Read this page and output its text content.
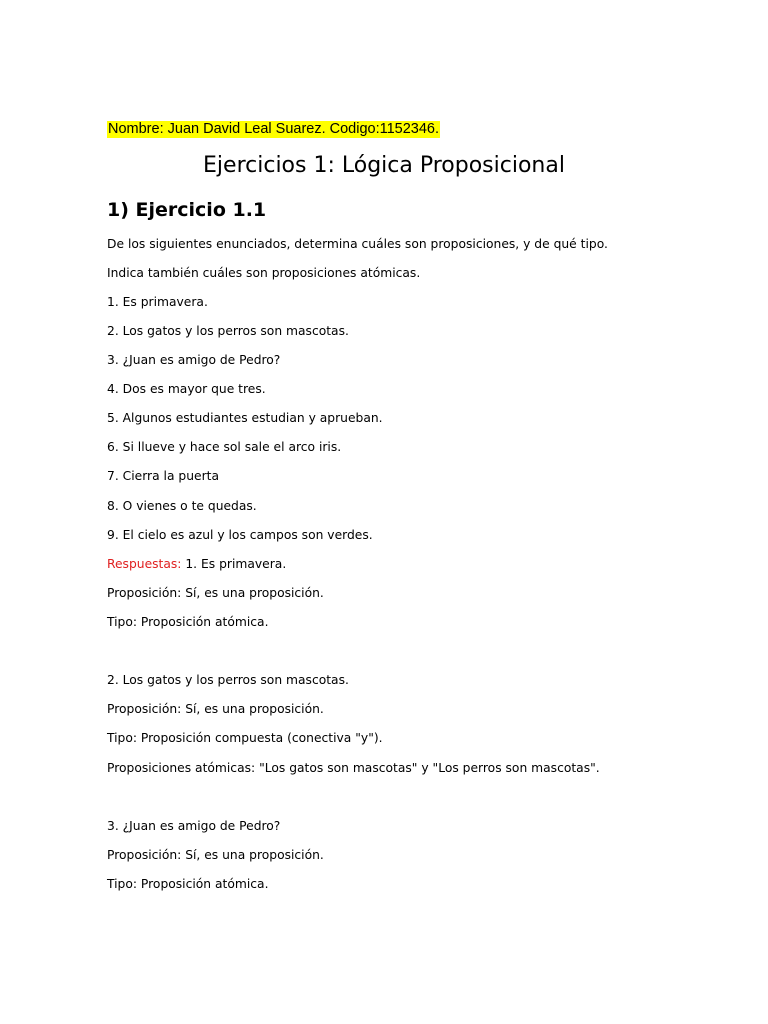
Nombre: Juan David Leal Suarez. Codigo:1152346.
Ejercicios 1: Lógica Proposicional
1) Ejercicio 1.1
De los siguientes enunciados, determina cuáles son proposiciones, y de qué tipo.
Indica también cuáles son proposiciones atómicas.
1. Es primavera.
2. Los gatos y los perros son mascotas.
3. ¿Juan es amigo de Pedro?
4. Dos es mayor que tres.
5. Algunos estudiantes estudian y aprueban.
6. Si llueve y hace sol sale el arco iris.
7. Cierra la puerta
8. O vienes o te quedas.
9. El cielo es azul y los campos son verdes.
Respuestas: 1. Es primavera.
Proposición: Sí, es una proposición.
Tipo: Proposición atómica.
2. Los gatos y los perros son mascotas.
Proposición: Sí, es una proposición.
Tipo: Proposición compuesta (conectiva "y").
Proposiciones atómicas: "Los gatos son mascotas" y "Los perros son mascotas".
3. ¿Juan es amigo de Pedro?
Proposición: Sí, es una proposición.
Tipo: Proposición atómica.
